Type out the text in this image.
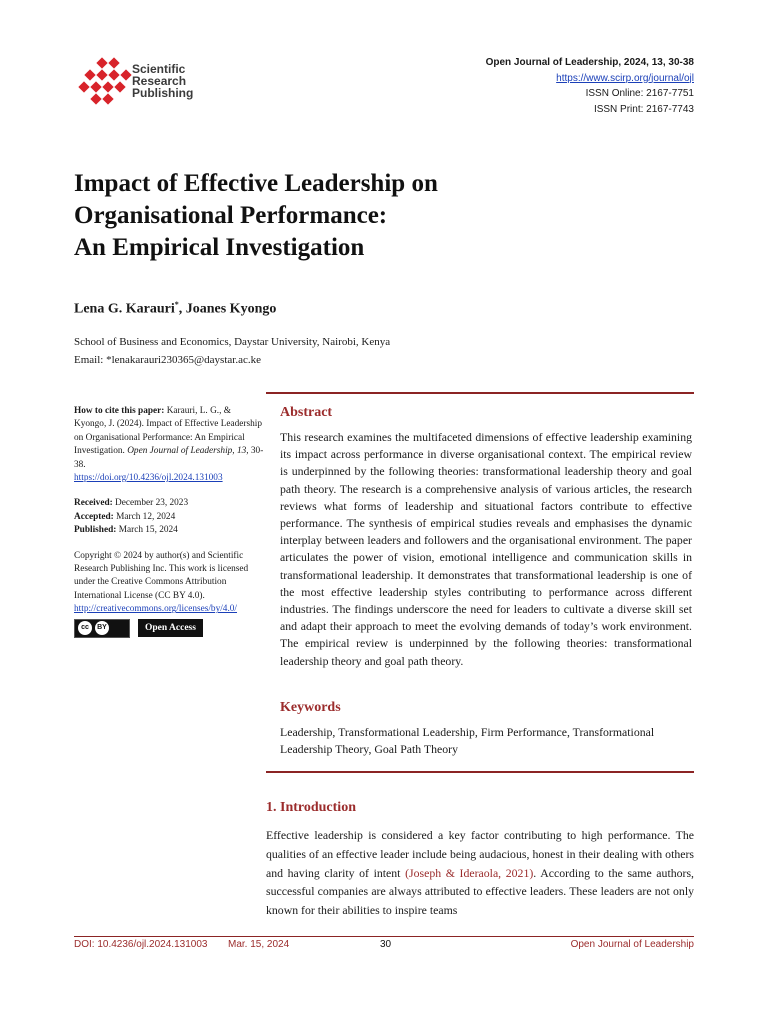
Scientific
Research
Publishing
Open Journal of Leadership, 2024, 13, 30-38
https://www.scirp.org/journal/ojl
ISSN Online: 2167-7751
ISSN Print: 2167-7743
Impact of Effective Leadership on
Organisational Performance:
An Empirical Investigation
Lena G. Karauri*, Joanes Kyongo
School of Business and Economics, Daystar University, Nairobi, Kenya
Email: *lenakarauri230365@daystar.ac.ke
How to cite this paper: Karauri, L. G., & Kyongo, J. (2024). Impact of Effective Leadership on Organisational Performance: An Empirical Investigation. Open Journal of Leadership, 13, 30-38.
https://doi.org/10.4236/ojl.2024.131003
Received: December 23, 2023
Accepted: March 12, 2024
Published: March 15, 2024
Copyright © 2024 by author(s) and Scientific Research Publishing Inc. This work is licensed under the Creative Commons Attribution International License (CC BY 4.0).
http://creativecommons.org/licenses/by/4.0/
cc	BY	Open Access
Abstract
This research examines the multifaceted dimensions of effective leadership examining its impact across performance in diverse organisational context. The empirical review is underpinned by the following theories: transformational leadership theory and goal path theory. The research is a comprehensive analysis of various articles, the research reviews what forms of leadership and situational factors contribute to effective performance. The synthesis of empirical studies reveals and emphasises the dynamic interplay between leaders and followers and the organisational environment. The paper articulates the power of vision, emotional intelligence and communication skills in transformational leadership. It demonstrates that transformational leadership is one of the most effective leadership styles contributing to performance across different industries. The findings underscore the need for leaders to cultivate a diverse skill set and adapt their approach to meet the evolving demands of today’s work environment. The empirical review is underpinned by the following theories: transformational leadership theory and goal path theory.
Keywords
Leadership, Transformational Leadership, Firm Performance, Transformational Leadership Theory, Goal Path Theory
1. Introduction
Effective leadership is considered a key factor contributing to high performance. The qualities of an effective leader include being audacious, honest in their dealing with others and having clarity of intent (Joseph & Ideraola, 2021). According to the same authors, successful companies are always attributed to effective leaders. These leaders are not only known for their abilities to inspire teams
DOI: 10.4236/ojl.2024.131003 Mar. 15, 2024	30	Open Journal of Leadership
